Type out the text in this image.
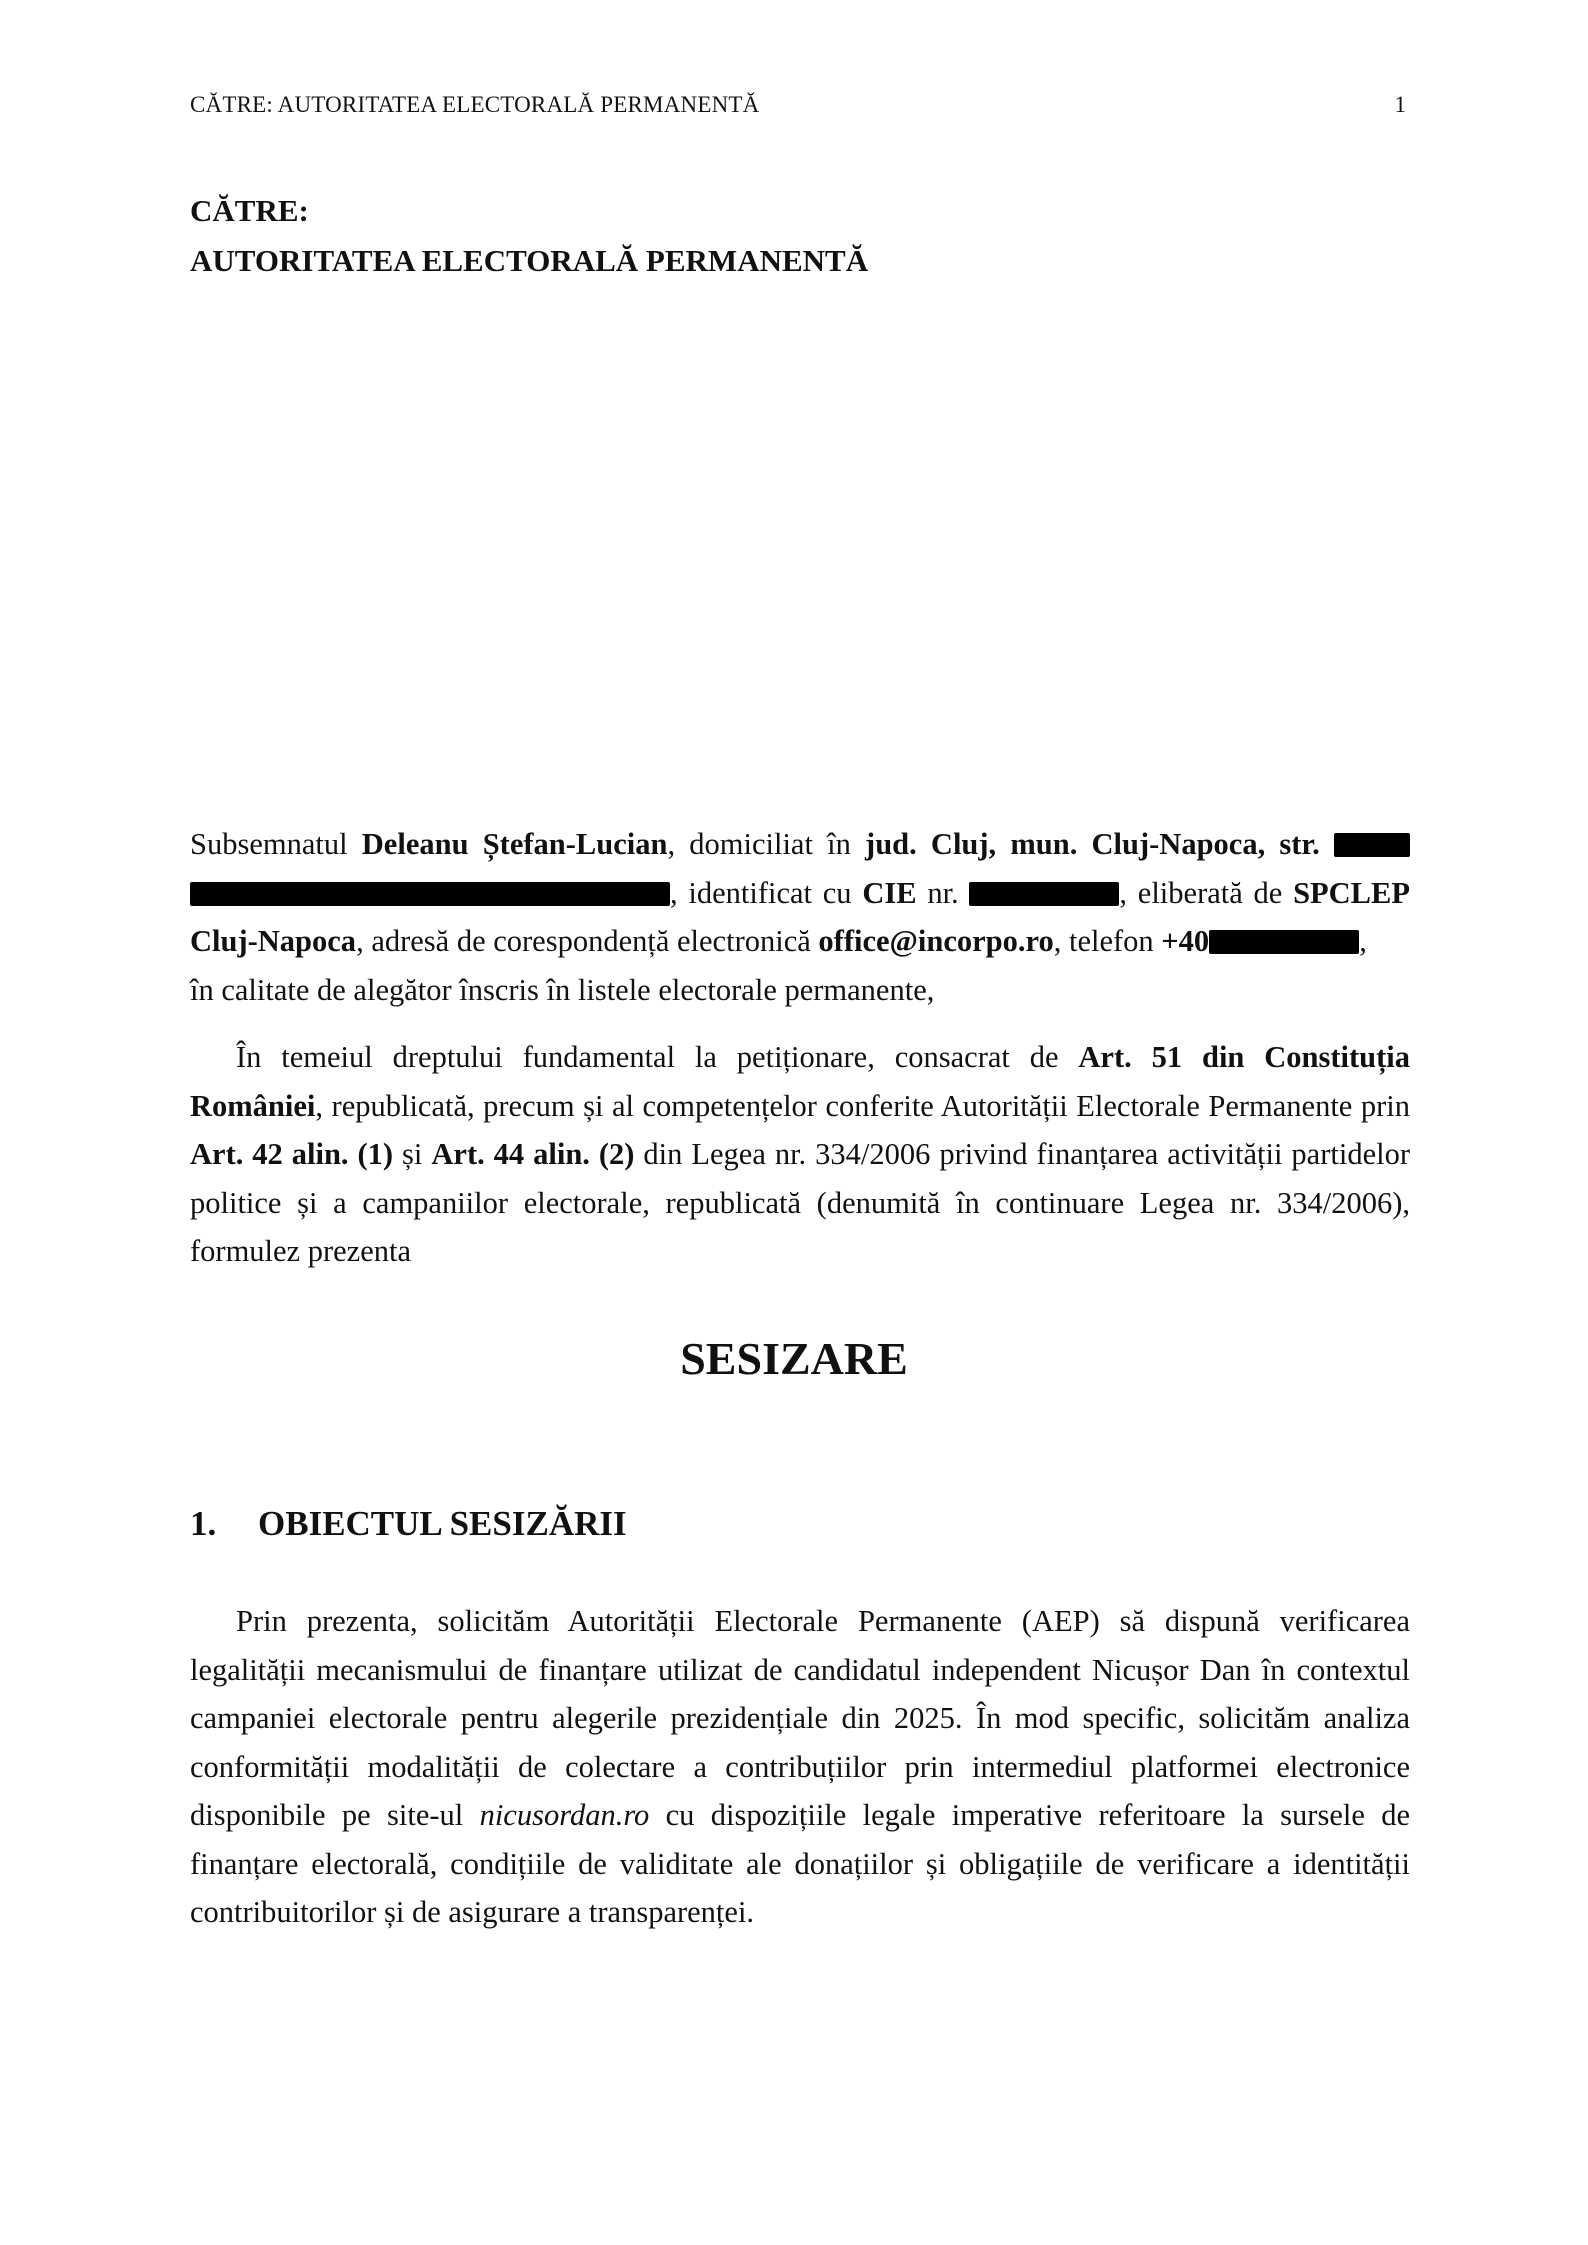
CĂTRE: AUTORITATEA ELECTORALĂ PERMANENTĂ	1
CĂTRE:
AUTORITATEA ELECTORALĂ PERMANENTĂ

Subsemnatul Deleanu Ștefan-Lucian, domiciliat în jud. Cluj, mun. Cluj-Napoca, str.  , identificat cu CIE nr.	, eliberată de SPCLEP Cluj-Napoca, adresă de corespondență electronică office@incorpo.ro, telefon +40	,
în calitate de alegător înscris în listele electorale permanente,

În temeiul dreptului fundamental la petiționare, consacrat de Art. 51 din Constituția României, republicată, precum și al competențelor conferite Autorității Electorale Permanente prin Art. 42 alin. (1) și Art. 44 alin. (2) din Legea nr. 334/2006 privind finanțarea activității partidelor politice și a campaniilor electorale, republicată (denumită în continuare Legea nr. 334/2006), formulez prezenta

SESIZARE
1. OBIECTUL SESIZĂRII

Prin prezenta, solicităm Autorității Electorale Permanente (AEP) să dispună verificarea legalității mecanismului de finanțare utilizat de candidatul independent Nicușor Dan în contextul campaniei electorale pentru alegerile prezidențiale din 2025. În mod specific, solicităm analiza conformității modalității de colectare a contribuțiilor prin intermediul platformei electronice disponibile pe site-ul nicusordan.ro cu dispozițiile legale imperative referitoare la sursele de finanțare electorală, condițiile de validitate ale donațiilor și obligațiile de verificare a identității contribuitorilor și de asigurare a transparenței.
